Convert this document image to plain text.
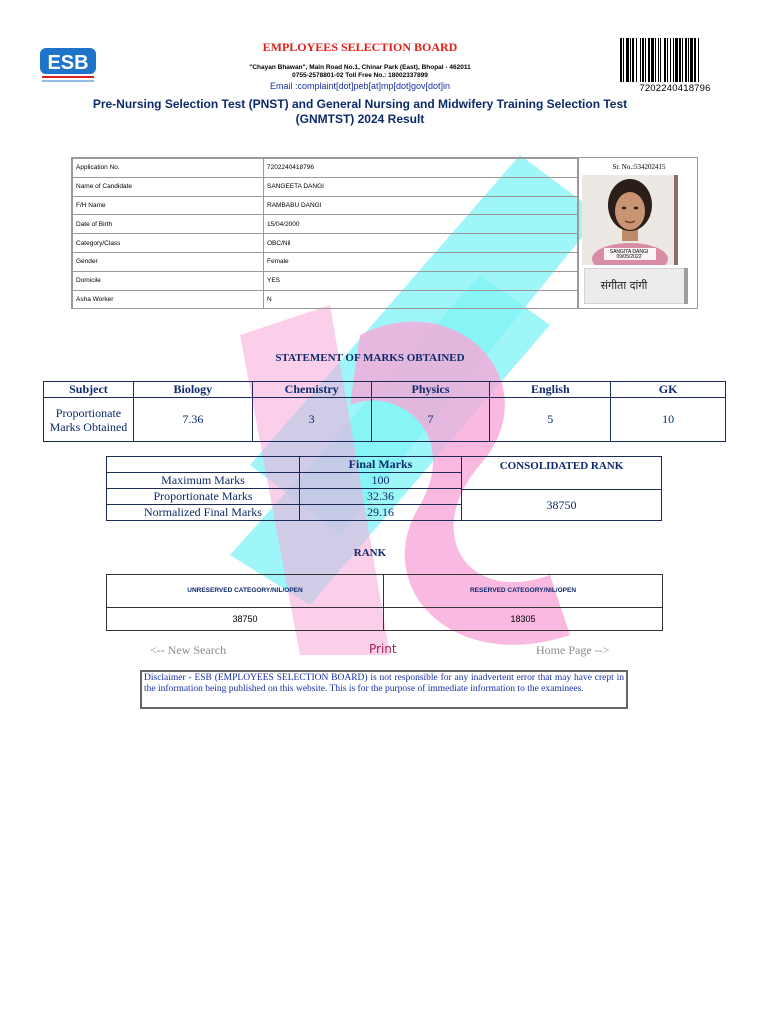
ESB
EMPLOYEES SELECTION BOARD
"Chayan Bhawan", Main Road No.1, Chinar Park (East), Bhopal - 462011
0755-2578801-02 Toll Free No.: 18002337899
Email :complaint[dot]peb[at]mp[dot]gov[dot]in	7202240418796
Pre-Nursing Selection Test (PNST) and General Nursing and Midwifery Training Selection Test
(GNMTST) 2024 Result
Application No.	7202240418796
Name of Candidate	SANGEETA DANGI
F/H Name	RAMBABU DANGI
Date of Birth	15/04/2000
Category/Class	OBC/Nil
Gender	Female
Domicile	YES
Asha Worker	N
Sr. No.:534202415
SANGITA DANGI
09/05/2022
संगीता दांगी
STATEMENT OF MARKS OBTAINED
Subject	Biology	Chemistry	Physics	English	GK
Proportionate Marks Obtained	7.36	3	7	5	10
	Final Marks
Maximum Marks	100
Proportionate Marks	32.36
Normalized Final Marks	29.16
CONSOLIDATED RANK
38750
RANK
UNRESERVED CATEGORY/NIL/OPEN	RESERVED CATEGORY/NIL/OPEN
38750	18305
<-- New Search	Print	Home Page -->
Disclaimer - ESB (EMPLOYEES SELECTION BOARD) is not responsible for any inadvertent error that may have crept in the information being published on this website. This is for the purpose of immediate information to the examinees.
